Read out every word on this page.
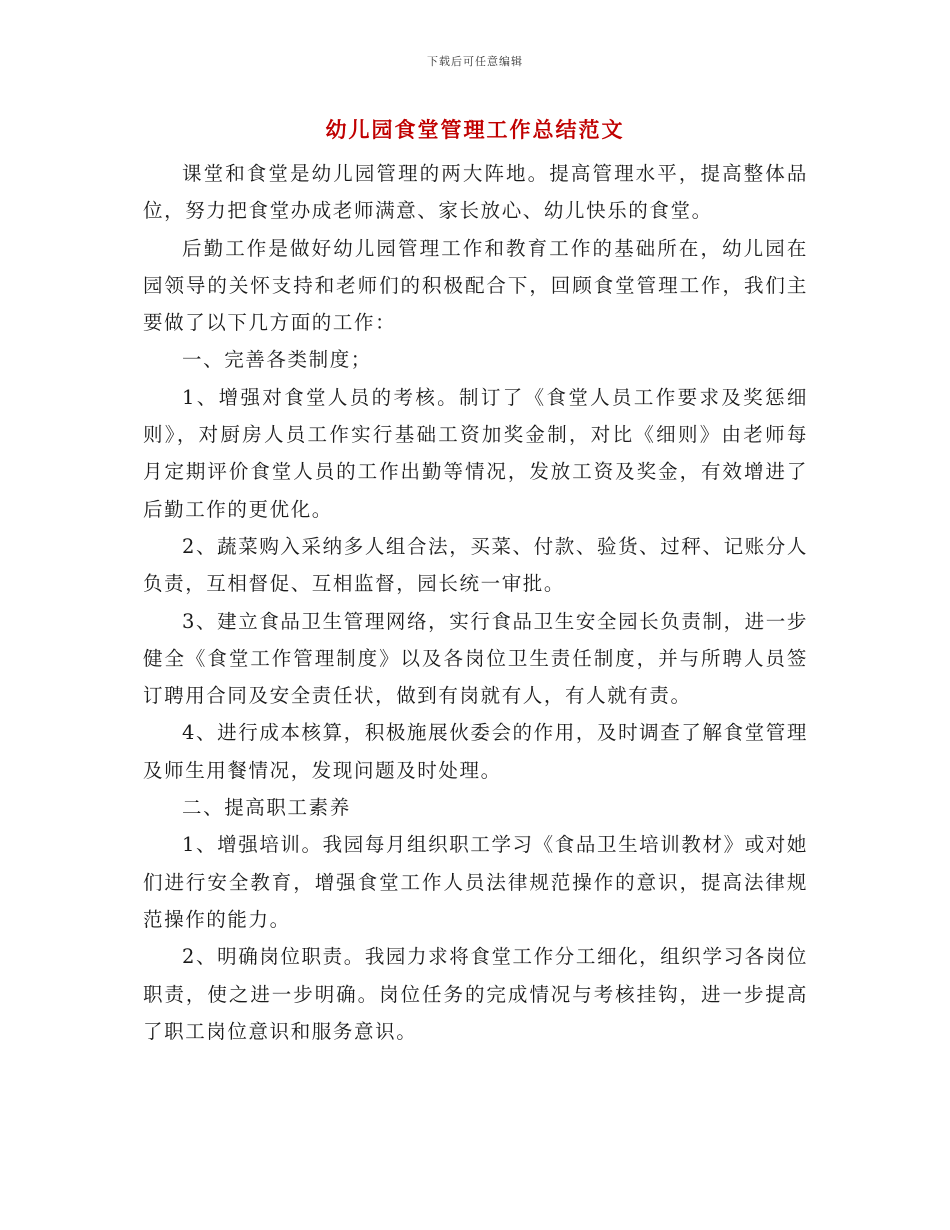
下载后可任意编辑
幼儿园食堂管理工作总结范文

课堂和食堂是幼儿园管理的两大阵地。提高管理水平，提高整体品位，努力把食堂办成老师满意、家长放心、幼儿快乐的食堂。

后勤工作是做好幼儿园管理工作和教育工作的基础所在，幼儿园在园领导的关怀支持和老师们的积极配合下，回顾食堂管理工作，我们主要做了以下几方面的工作：

一、完善各类制度；

1、增强对食堂人员的考核。制订了《食堂人员工作要求及奖惩细则》，对厨房人员工作实行基础工资加奖金制，对比《细则》由老师每月定期评价食堂人员的工作出勤等情况，发放工资及奖金，有效增进了后勤工作的更优化。

2、蔬菜购入采纳多人组合法，买菜、付款、验货、过秤、记账分人负责，互相督促、互相监督，园长统一审批。

3、建立食品卫生管理网络，实行食品卫生安全园长负责制，进一步健全《食堂工作管理制度》以及各岗位卫生责任制度，并与所聘人员签订聘用合同及安全责任状，做到有岗就有人，有人就有责。

4、进行成本核算，积极施展伙委会的作用，及时调查了解食堂管理及师生用餐情况，发现问题及时处理。

二、提高职工素养

1、增强培训。我园每月组织职工学习《食品卫生培训教材》或对她们进行安全教育，增强食堂工作人员法律规范操作的意识，提高法律规范操作的能力。

2、明确岗位职责。我园力求将食堂工作分工细化，组织学习各岗位职责，使之进一步明确。岗位任务的完成情况与考核挂钩，进一步提高了职工岗位意识和服务意识。
